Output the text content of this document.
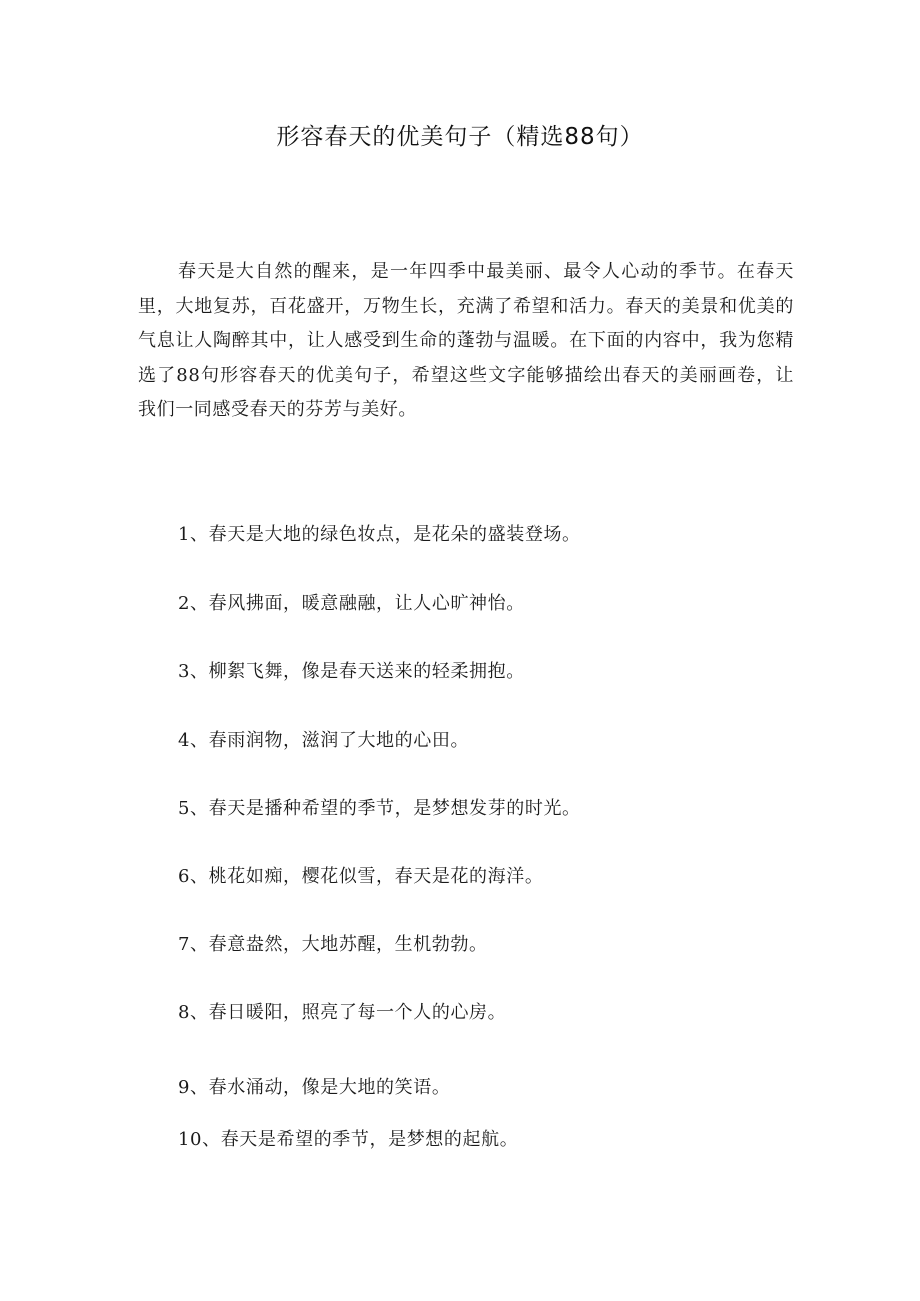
形容春天的优美句子（精选88句）

春天是大自然的醒来，是一年四季中最美丽、最令人心动的季节。在春天里，大地复苏，百花盛开，万物生长，充满了希望和活力。春天的美景和优美的气息让人陶醉其中，让人感受到生命的蓬勃与温暖。在下面的内容中，我为您精选了88句形容春天的优美句子，希望这些文字能够描绘出春天的美丽画卷，让我们一同感受春天的芬芳与美好。

1、春天是大地的绿色妆点，是花朵的盛装登场。

2、春风拂面，暖意融融，让人心旷神怡。

3、柳絮飞舞，像是春天送来的轻柔拥抱。

4、春雨润物，滋润了大地的心田。

5、春天是播种希望的季节，是梦想发芽的时光。

6、桃花如痴，樱花似雪，春天是花的海洋。

7、春意盎然，大地苏醒，生机勃勃。

8、春日暖阳，照亮了每一个人的心房。

9、春水涌动，像是大地的笑语。

10、春天是希望的季节，是梦想的起航。
